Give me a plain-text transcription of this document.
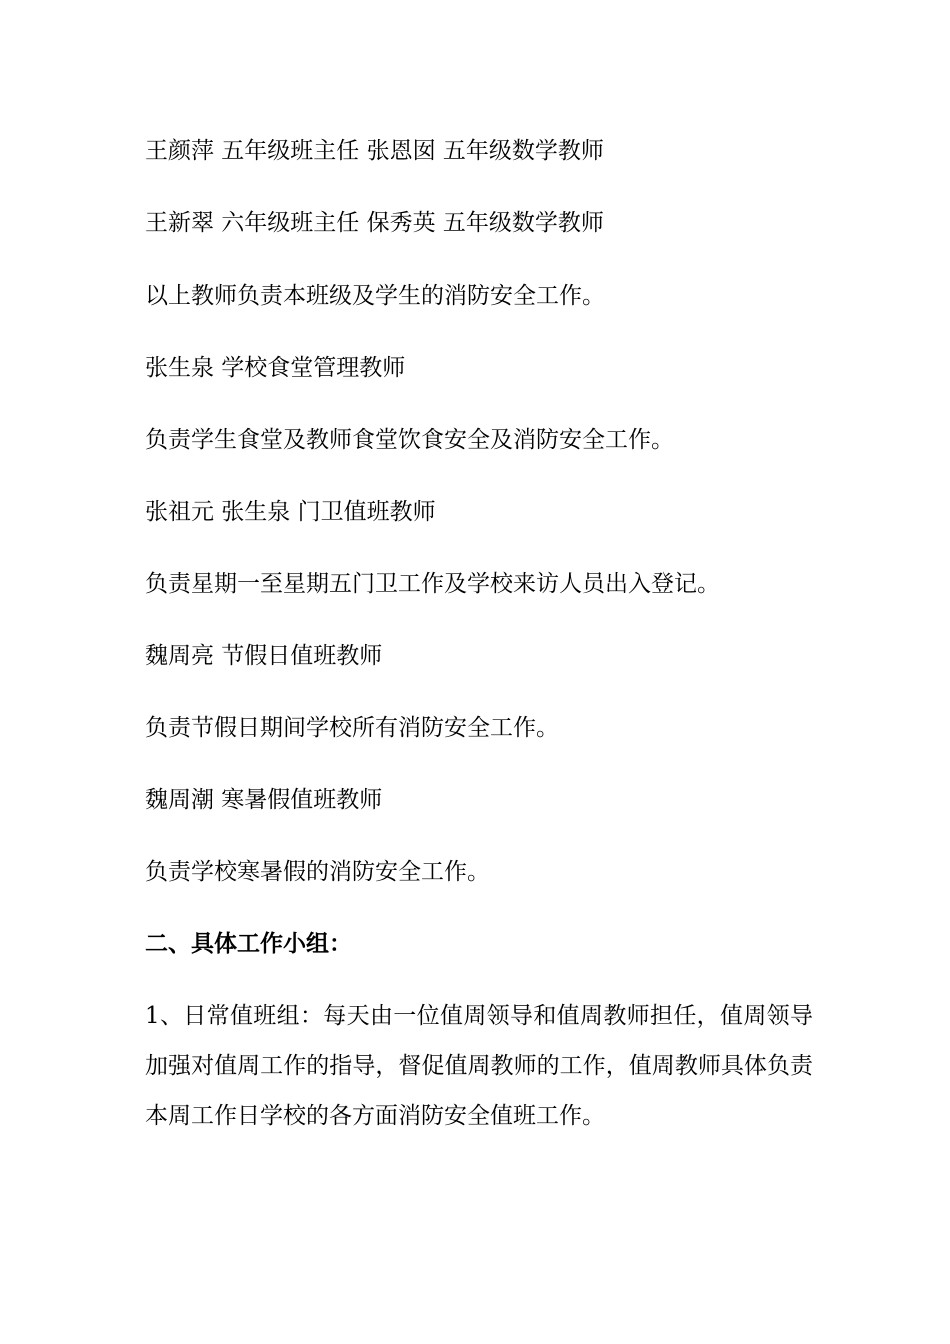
王颜萍 五年级班主任 张恩囡 五年级数学教师
王新翠 六年级班主任 保秀英 五年级数学教师
以上教师负责本班级及学生的消防安全工作。
张生泉 学校食堂管理教师
负责学生食堂及教师食堂饮食安全及消防安全工作。
张祖元 张生泉 门卫值班教师
负责星期一至星期五门卫工作及学校来访人员出入登记。
魏周亮 节假日值班教师
负责节假日期间学校所有消防安全工作。
魏周潮 寒暑假值班教师
负责学校寒暑假的消防安全工作。
二、具体工作小组：
1、日常值班组：每天由一位值周领导和值周教师担任，值周领导加强对值周工作的指导，督促值周教师的工作，值周教师具体负责本周工作日学校的各方面消防安全值班工作。
